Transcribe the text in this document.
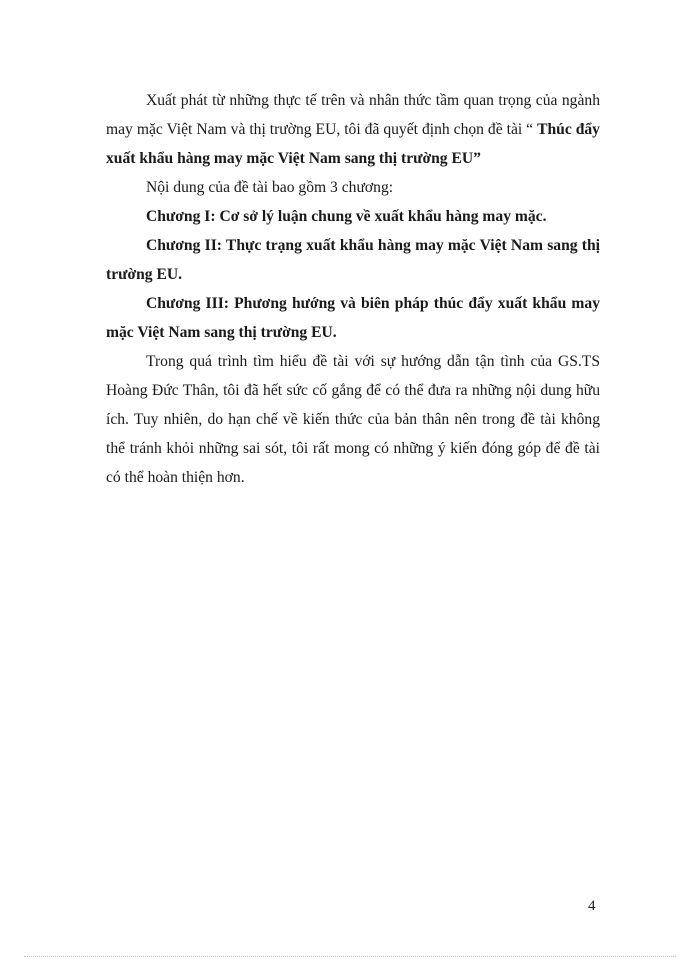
Xuất phát từ những thực tế trên và nhân thức tầm quan trọng của ngành may mặc Việt Nam và thị trường EU, tôi đã quyết định chọn đề tài “ Thúc đẩy xuất khẩu hàng may mặc Việt Nam sang thị trường EU”

Nội dung của đề tài bao gồm 3 chương:

Chương I: Cơ sở lý luận chung về xuất khẩu hàng may mặc.

Chương II: Thực trạng xuất khẩu hàng may mặc Việt Nam sang thị trường EU.

Chương III: Phương hướng và biên pháp thúc đẩy xuất khẩu may mặc Việt Nam sang thị trường EU.

Trong quá trình tìm hiểu đề tài với sự hướng dẫn tận tình của GS.TS Hoàng Đức Thân, tôi đã hết sức cố gắng để có thể đưa ra những nội dung hữu ích. Tuy nhiên, do hạn chế về kiến thức của bản thân nên trong đề tài không thể tránh khỏi những sai sót, tôi rất mong có những ý kiến đóng góp để đề tài có thể hoàn thiện hơn.

4
